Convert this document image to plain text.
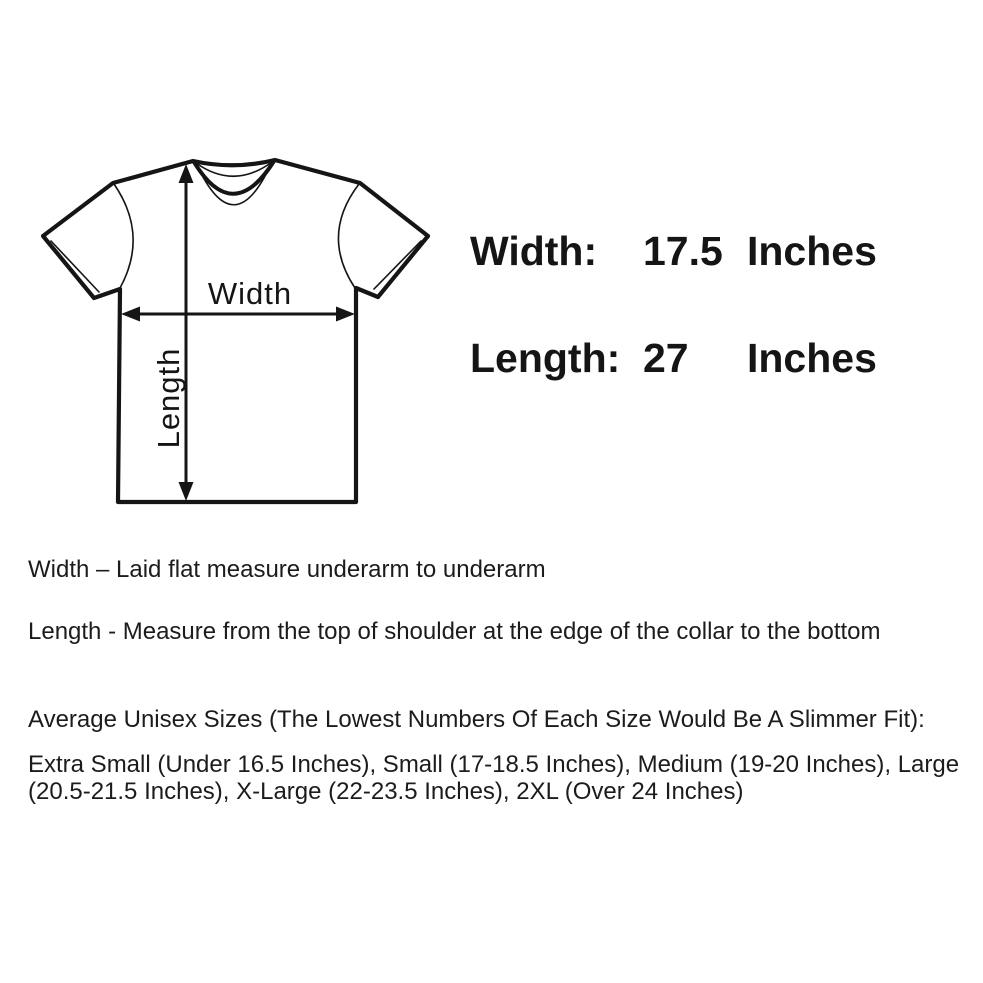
Width
Length
Width:	17.5 Inches
Length: 27	Inches

Width – Laid flat measure underarm to underarm

Length - Measure from the top of shoulder at the edge of the collar to the bottom

Average Unisex Sizes (The Lowest Numbers Of Each Size Would Be A Slimmer Fit):

Extra Small (Under 16.5 Inches), Small (17-18.5 Inches), Medium (19-20 Inches), Large (20.5-21.5 Inches), X-Large (22-23.5 Inches), 2XL (Over 24 Inches)
